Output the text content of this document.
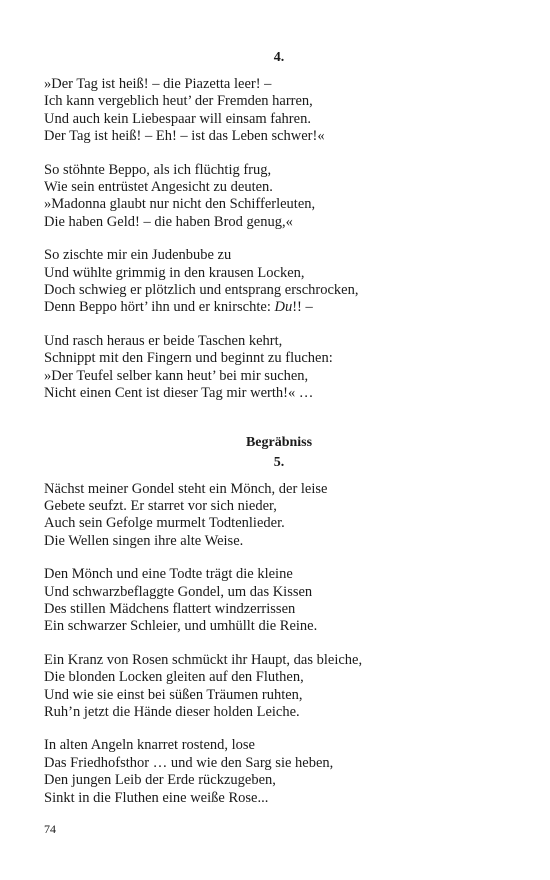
4.
»Der Tag ist heiß! – die Piazetta leer! –
Ich kann vergeblich heut’ der Fremden harren,
Und auch kein Liebespaar will einsam fahren.
Der Tag ist heiß! – Eh! – ist das Leben schwer!«
So stöhnte Beppo, als ich flüchtig frug,
Wie sein entrüstet Angesicht zu deuten.
»Madonna glaubt nur nicht den Schifferleuten,
Die haben Geld! – die haben Brod genug,«
So zischte mir ein Judenbube zu
Und wühlte grimmig in den krausen Locken,
Doch schwieg er plötzlich und entsprang erschrocken,
Denn Beppo hört’ ihn und er knirschte: Du!! –
Und rasch heraus er beide Taschen kehrt,
Schnippt mit den Fingern und beginnt zu fluchen:
»Der Teufel selber kann heut’ bei mir suchen,
Nicht einen Cent ist dieser Tag mir werth!« …
Begräbniss
5.
Nächst meiner Gondel steht ein Mönch, der leise
Gebete seufzt. Er starret vor sich nieder,
Auch sein Gefolge murmelt Todtenlieder.
Die Wellen singen ihre alte Weise.
Den Mönch und eine Todte trägt die kleine
Und schwarzbeflaggte Gondel, um das Kissen
Des stillen Mädchens flattert windzerrissen
Ein schwarzer Schleier, und umhüllt die Reine.
Ein Kranz von Rosen schmückt ihr Haupt, das bleiche,
Die blonden Locken gleiten auf den Fluthen,
Und wie sie einst bei süßen Träumen ruhten,
Ruh’n jetzt die Hände dieser holden Leiche.
In alten Angeln knarret rostend, lose
Das Friedhofsthor … und wie den Sarg sie heben,
Den jungen Leib der Erde rückzugeben,
Sinkt in die Fluthen eine weiße Rose...
74
